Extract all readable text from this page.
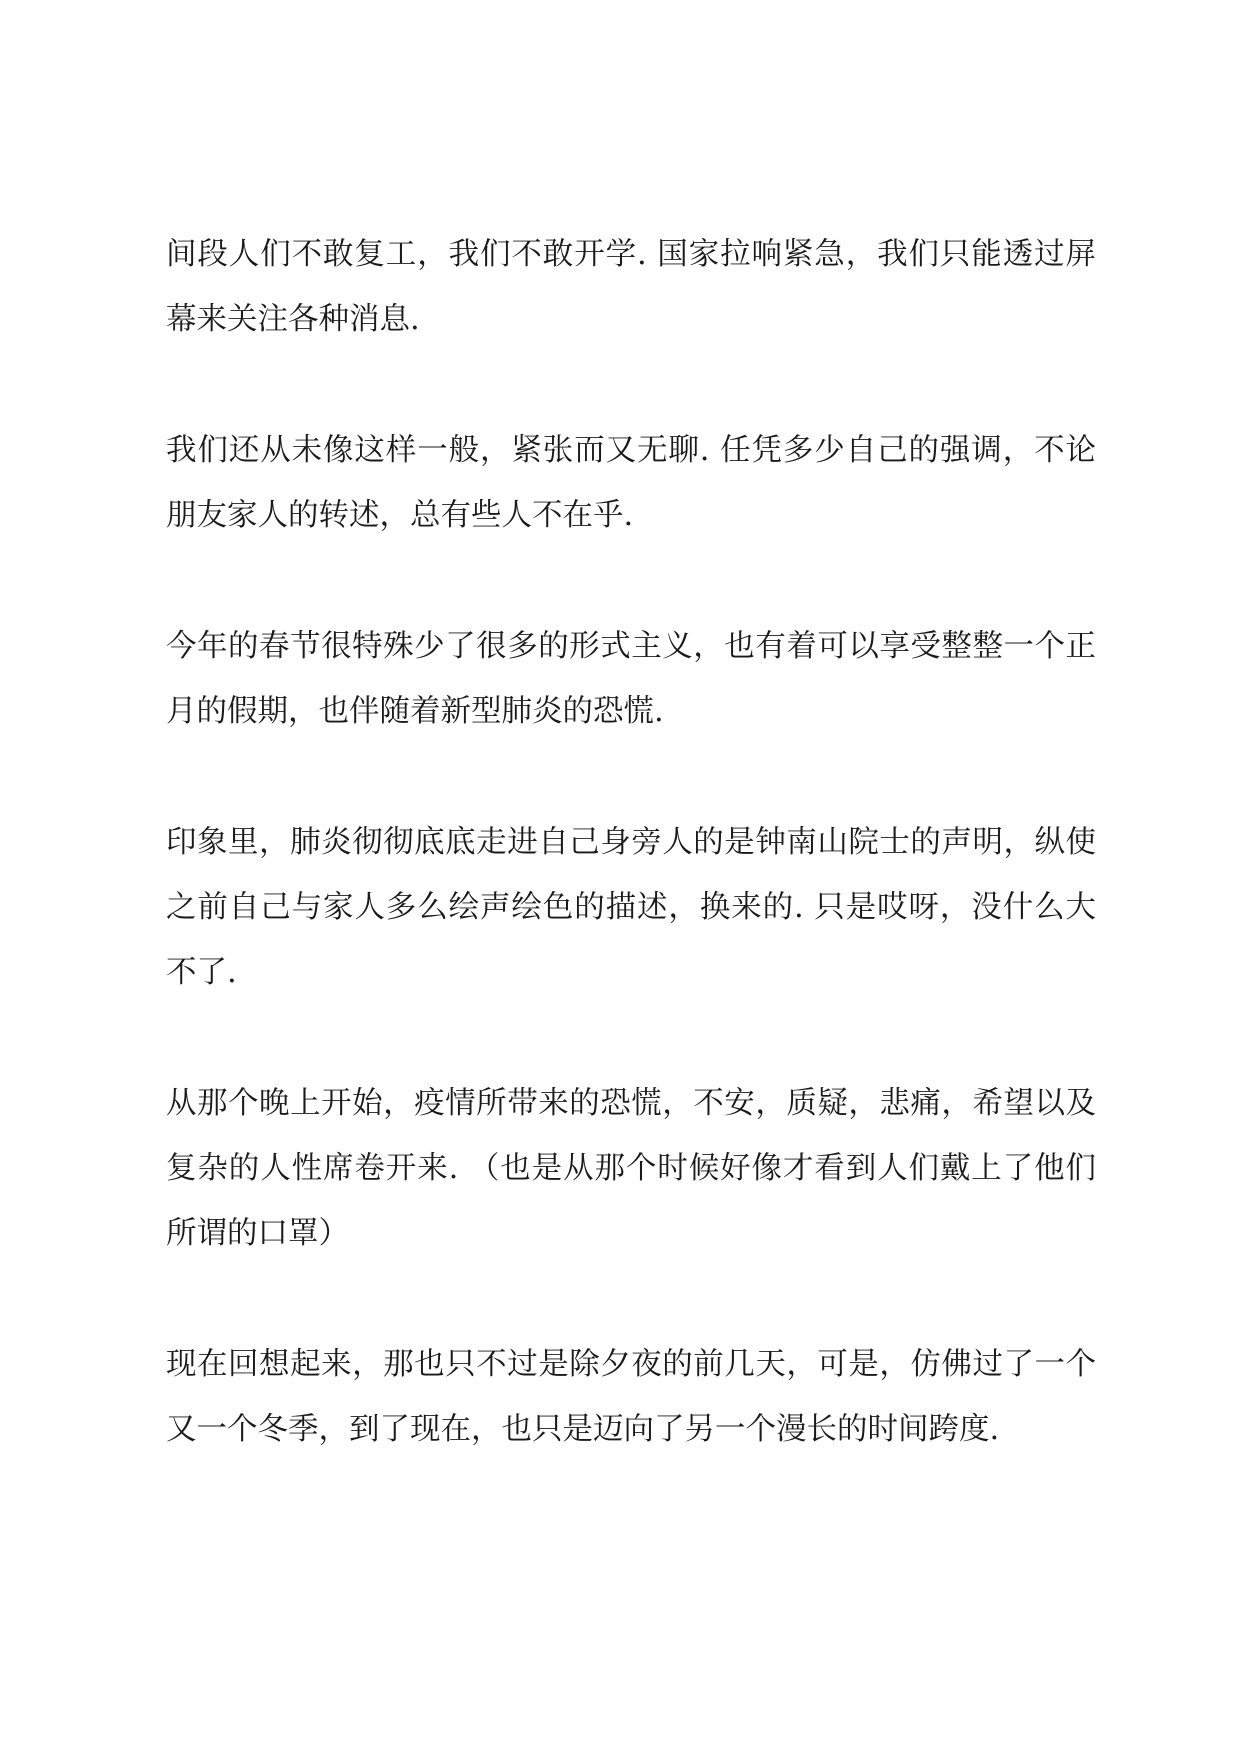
间段人们不敢复工，我们不敢开学. 国家拉响紧急，我们只能透过屏幕来关注各种消息.

我们还从未像这样一般，紧张而又无聊. 任凭多少自己的强调，不论朋友家人的转述，总有些人不在乎.

今年的春节很特殊少了很多的形式主义，也有着可以享受整整一个正月的假期，也伴随着新型肺炎的恐慌.

印象里，肺炎彻彻底底走进自己身旁人的是钟南山院士的声明，纵使之前自己与家人多么绘声绘色的描述，换来的. 只是哎呀，没什么大不了.

从那个晚上开始，疫情所带来的恐慌，不安，质疑，悲痛，希望以及复杂的人性席卷开来. （也是从那个时候好像才看到人们戴上了他们所谓的口罩）

现在回想起来，那也只不过是除夕夜的前几天，可是，仿佛过了一个又一个冬季，到了现在，也只是迈向了另一个漫长的时间跨度.
